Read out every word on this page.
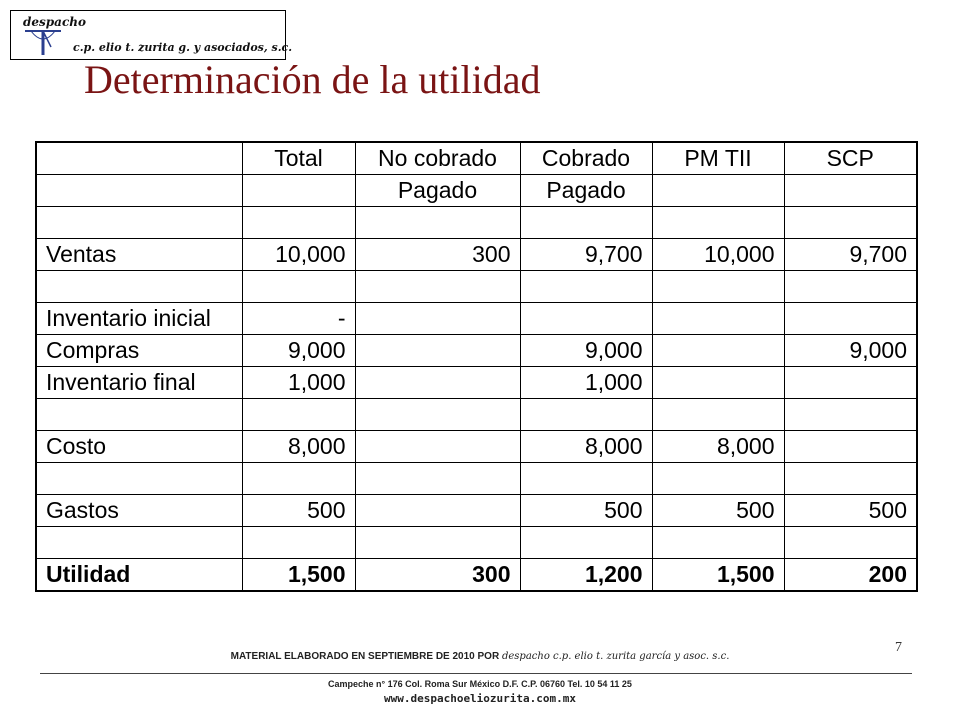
despacho
c.p. elio t. zurita g. y asociados, s.c.
Determinación de la utilidad
	Total	No cobrado	Cobrado	PM TII	SCP
		Pagado	Pagado		

Ventas	10,000	300	9,700	10,000	9,700

Inventario inicial	-				
Compras	9,000		9,000		9,000
Inventario final	1,000		1,000		

Costo	8,000		8,000	8,000	

Gastos	500		500	500	500

Utilidad	1,500	300	1,200	1,500	200
7
MATERIAL ELABORADO EN SEPTIEMBRE DE 2010 POR despacho c.p. elio t. zurita garcía y asoc. s.c.
Campeche n° 176 Col. Roma Sur México D.F. C.P. 06760 Tel. 10 54 11 25
www.despachoeliozurita.com.mx
